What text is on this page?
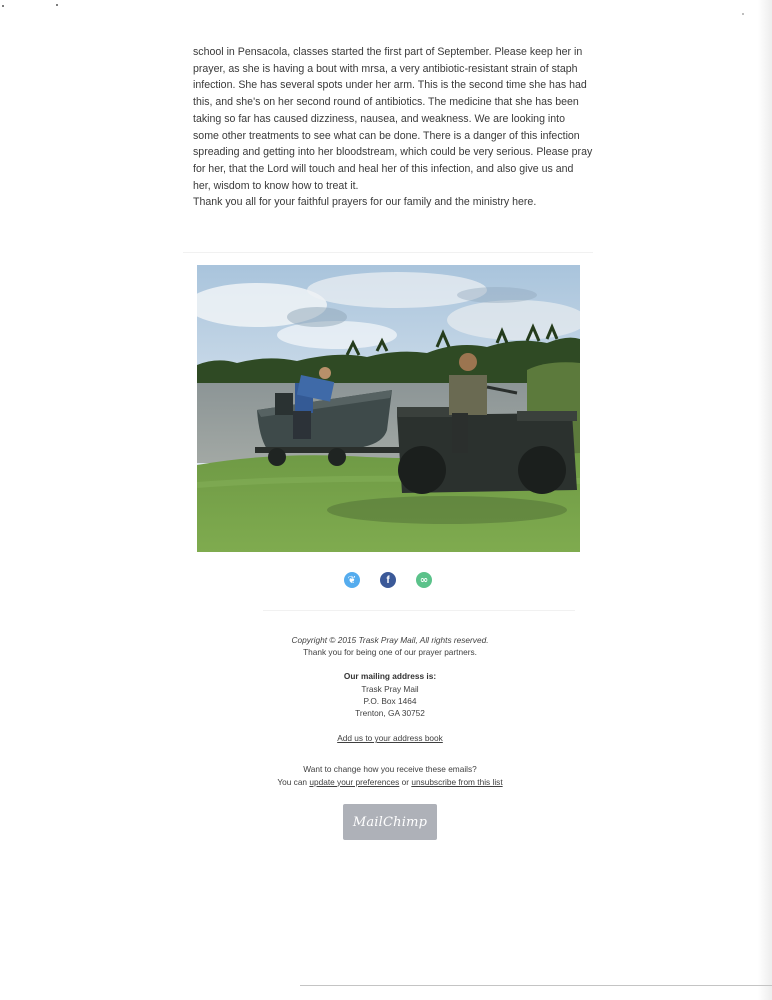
school in Pensacola, classes started the first part of September. Please keep her in prayer, as she is having a bout with mrsa, a very antibiotic-resistant strain of staph infection. She has several spots under her arm. This is the second time she has had this, and she's on her second round of antibiotics. The medicine that she has been taking so far has caused dizziness, nausea, and weakness. We are looking into some other treatments to see what can be done. There is a danger of this infection spreading and getting into her bloodstream, which could be very serious. Please pray for her, that the Lord will touch and heal her of this infection, and also give us and her, wisdom to know how to treat it.

Thank you all for your faithful prayers for our family and the ministry here.

❦	f	∞
Copyright © 2015 Trask Pray Mail, All rights reserved.
Thank you for being one of our prayer partners.
Our mailing address is:
Trask Pray Mail
P.O. Box 1464
Trenton, GA 30752
Add us to your address book
Want to change how you receive these emails?
You can update your preferences or unsubscribe from this list
MailChimp
